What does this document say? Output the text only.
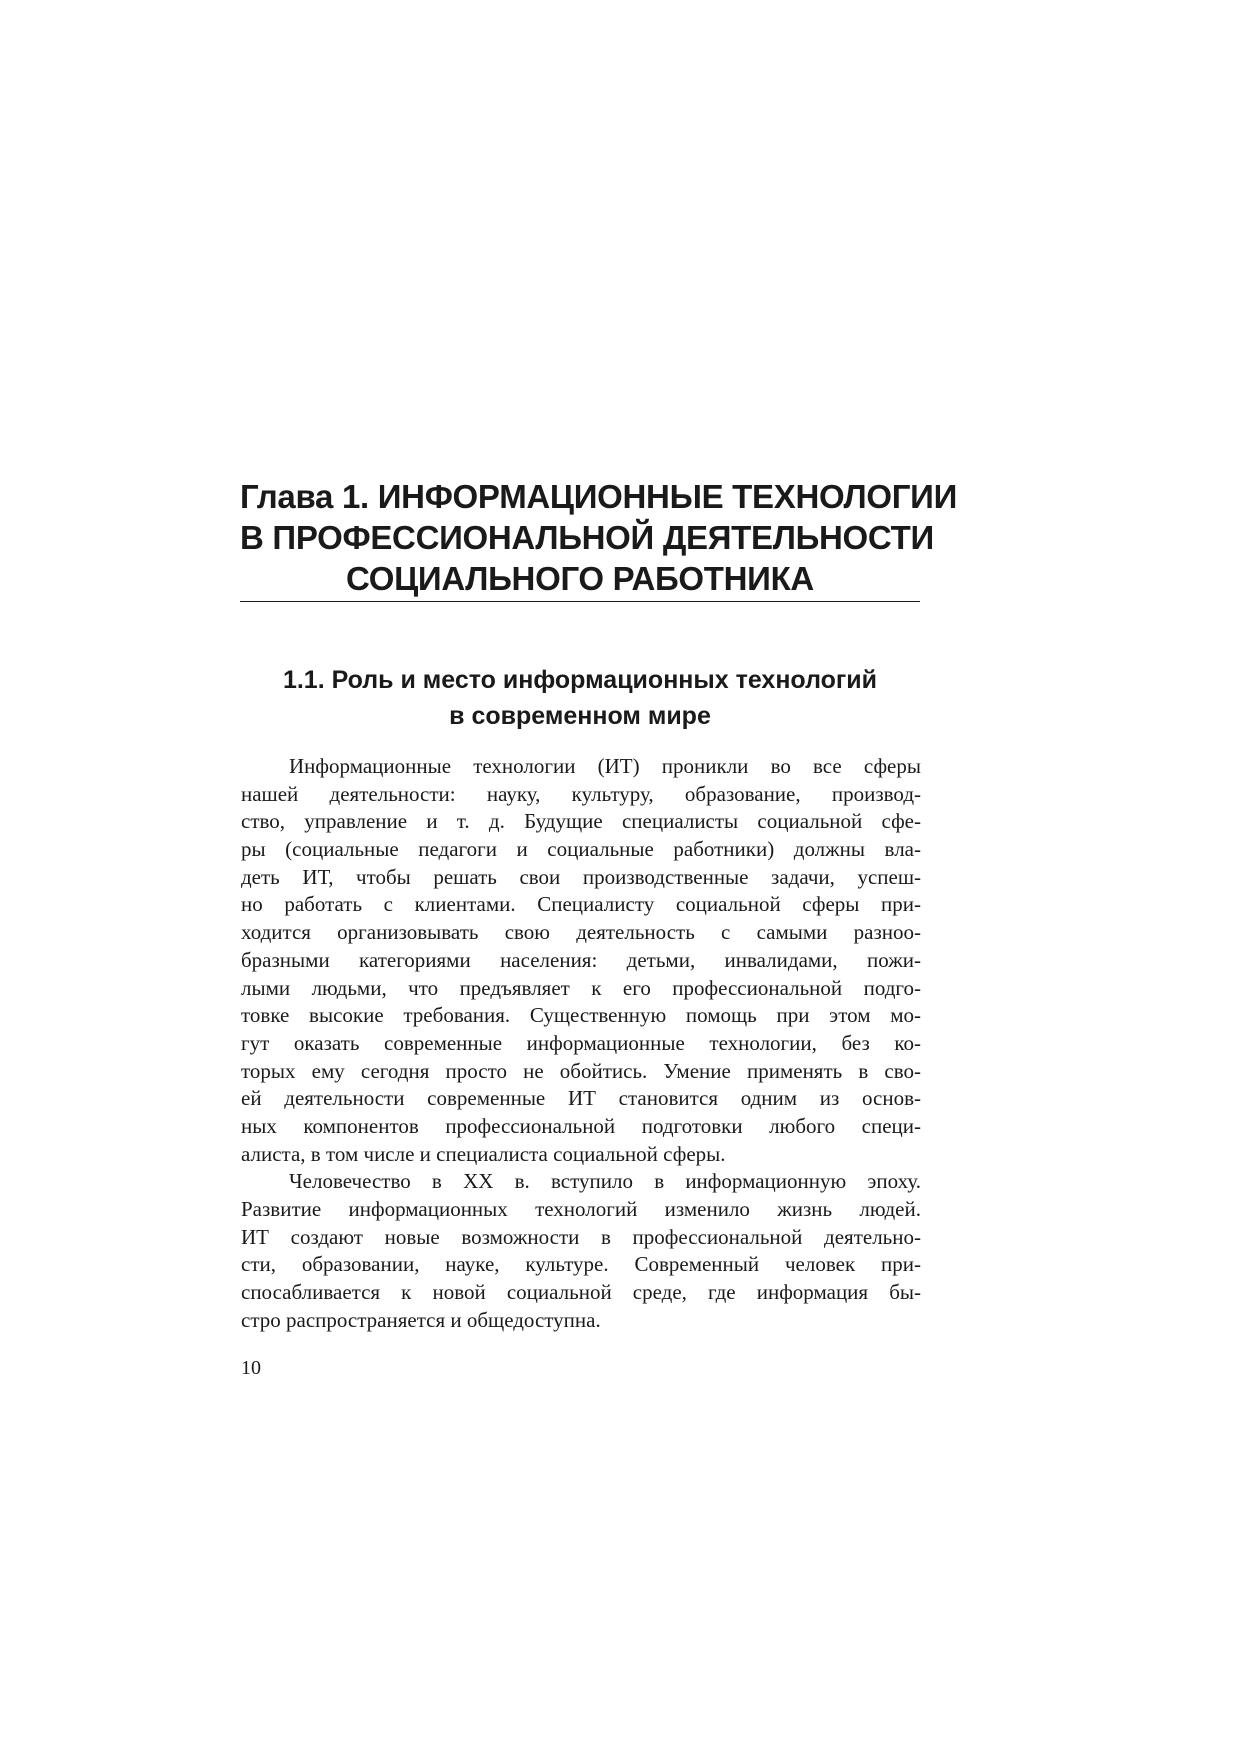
Глава 1. ИНФОРМАЦИОННЫЕ ТЕХНОЛОГИИ
В ПРОФЕССИОНАЛЬНОЙ ДЕЯТЕЛЬНОСТИ
СОЦИАЛЬНОГО РАБОТНИКА
1.1. Роль и место информационных технологий
в современном мире
Информационные технологии (ИТ) проникли во все сферы
нашей деятельности: науку, культуру, образование, производ-
ство, управление и т. д. Будущие специалисты социальной сфе-
ры (социальные педагоги и социальные работники) должны вла-
деть ИТ, чтобы решать свои производственные задачи, успеш-
но работать с клиентами. Специалисту социальной сферы при-
ходится организовывать свою деятельность с самыми разноо-
бразными категориями населения: детьми, инвалидами, пожи-
лыми людьми, что предъявляет к его профессиональной подго-
товке высокие требования. Существенную помощь при этом мо-
гут оказать современные информационные технологии, без ко-
торых ему сегодня просто не обойтись. Умение применять в сво-
ей деятельности современные ИТ становится одним из основ-
ных компонентов профессиональной подготовки любого специ-
алиста, в том числе и специалиста социальной сферы.
Человечество в ХХ в. вступило в информационную эпоху.
Развитие информационных технологий изменило жизнь людей.
ИТ создают новые возможности в профессиональной деятельно-
сти, образовании, науке, культуре. Современный человек при-
спосабливается к новой социальной среде, где информация бы-
стро распространяется и общедоступна.
10
